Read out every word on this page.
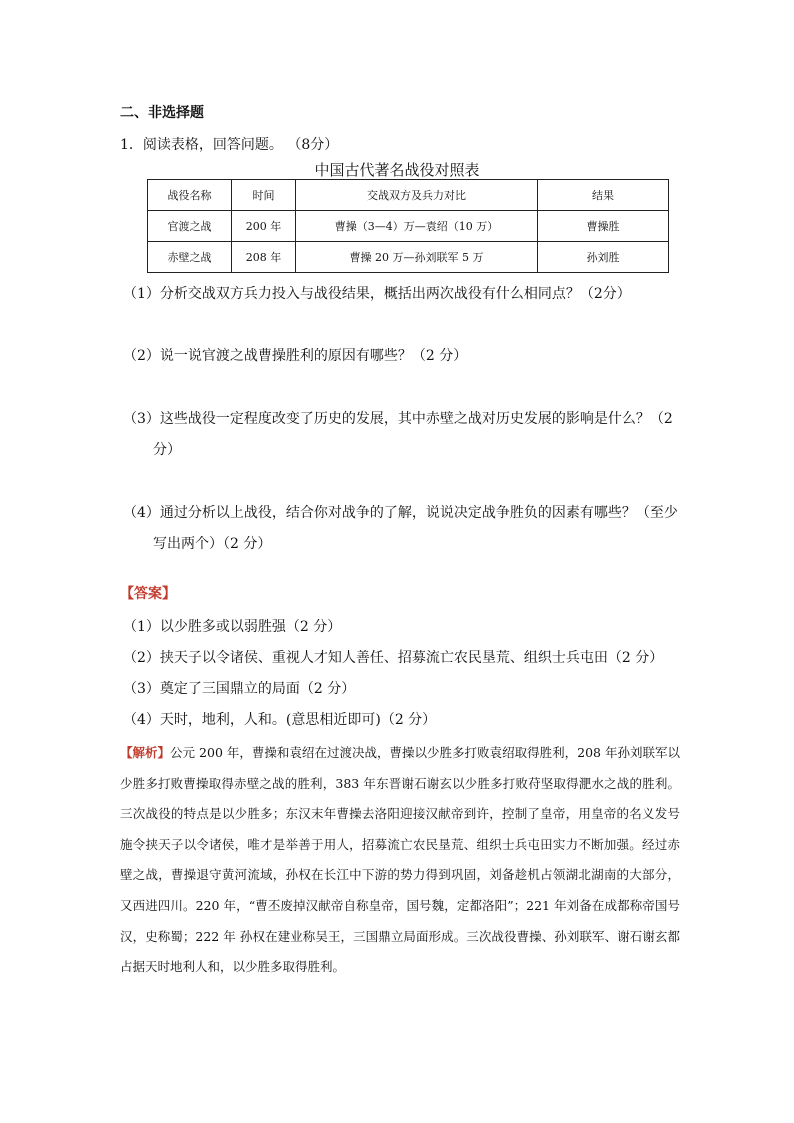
二、非选择题
1．阅读表格，回答问题。 （8分）
中国古代著名战役对照表
战役名称	时间	交战双方及兵力对比	结果
官渡之战	200 年	曹操（3—4）万—袁绍（10 万）	曹操胜
赤壁之战	208 年	曹操 20 万—孙刘联军 5 万	孙刘胜
（1）分析交战双方兵力投入与战役结果，概括出两次战役有什么相同点？（2分）
（2）说一说官渡之战曹操胜利的原因有哪些？（2 分）
（3）这些战役一定程度改变了历史的发展，其中赤壁之战对历史发展的影响是什么？（2
分）
（4）通过分析以上战役，结合你对战争的了解，说说决定战争胜负的因素有哪些？（至少
写出两个）（2 分）
【答案】
（1）以少胜多或以弱胜强（2 分）
（2）挟天子以令诸侯、重视人才知人善任、招募流亡农民垦荒、组织士兵屯田（2 分）
（3）奠定了三国鼎立的局面（2 分）
（4）天时，地利，人和。(意思相近即可)（2 分）
【解析】公元 200 年，曹操和袁绍在过渡决战，曹操以少胜多打败袁绍取得胜利，208 年孙刘联军以少胜多打败曹操取得赤壁之战的胜利，383 年东晋谢石谢玄以少胜多打败苻坚取得淝水之战的胜利。三次战役的特点是以少胜多；东汉末年曹操去洛阳迎接汉献帝到许，控制了皇帝，用皇帝的名义发号施令挟天子以令诸侯，唯才是举善于用人，招募流亡农民垦荒、组织士兵屯田实力不断加强。经过赤壁之战，曹操退守黄河流域，孙权在长江中下游的势力得到巩固，刘备趁机占领湖北湖南的大部分，又西进四川。220 年，“曹丕废掉汉献帝自称皇帝，国号魏，定都洛阳”；221 年刘备在成都称帝国号汉，史称蜀；222 年 孙权在建业称吴王，三国鼎立局面形成。三次战役曹操、孙刘联军、谢石谢玄都占据天时地利人和，以少胜多取得胜利。
